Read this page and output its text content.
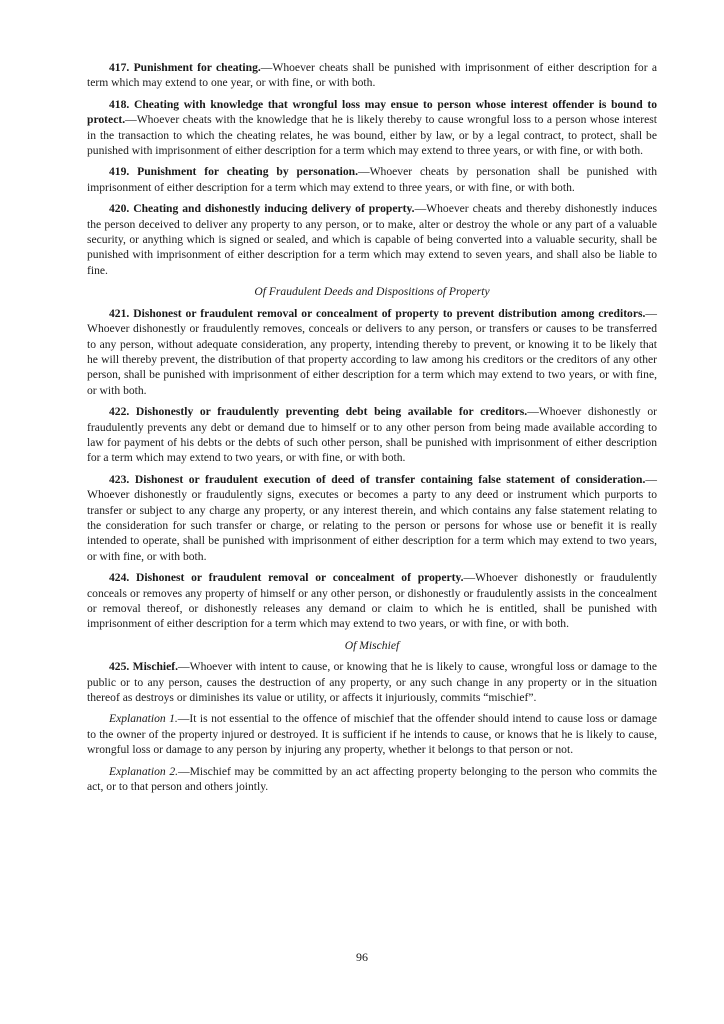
417. Punishment for cheating.—Whoever cheats shall be punished with imprisonment of either description for a term which may extend to one year, or with fine, or with both.

418. Cheating with knowledge that wrongful loss may ensue to person whose interest offender is bound to protect.—Whoever cheats with the knowledge that he is likely thereby to cause wrongful loss to a person whose interest in the transaction to which the cheating relates, he was bound, either by law, or by a legal contract, to protect, shall be punished with imprisonment of either description for a term which may extend to three years, or with fine, or with both.

419. Punishment for cheating by personation.—Whoever cheats by personation shall be punished with imprisonment of either description for a term which may extend to three years, or with fine, or with both.

420. Cheating and dishonestly inducing delivery of property.—Whoever cheats and thereby dishonestly induces the person deceived to deliver any property to any person, or to make, alter or destroy the whole or any part of a valuable security, or anything which is signed or sealed, and which is capable of being converted into a valuable security, shall be punished with imprisonment of either description for a term which may extend to seven years, and shall also be liable to fine.

Of Fraudulent Deeds and Dispositions of Property

421. Dishonest or fraudulent removal or concealment of property to prevent distribution among creditors.—Whoever dishonestly or fraudulently removes, conceals or delivers to any person, or transfers or causes to be transferred to any person, without adequate consideration, any property, intending thereby to prevent, or knowing it to be likely that he will thereby prevent, the distribution of that property according to law among his creditors or the creditors of any other person, shall be punished with imprisonment of either description for a term which may extend to two years, or with fine, or with both.

422. Dishonestly or fraudulently preventing debt being available for creditors.—Whoever dishonestly or fraudulently prevents any debt or demand due to himself or to any other person from being made available according to law for payment of his debts or the debts of such other person, shall be punished with imprisonment of either description for a term which may extend to two years, or with fine, or with both.

423. Dishonest or fraudulent execution of deed of transfer containing false statement of consideration.—Whoever dishonestly or fraudulently signs, executes or becomes a party to any deed or instrument which purports to transfer or subject to any charge any property, or any interest therein, and which contains any false statement relating to the consideration for such transfer or charge, or relating to the person or persons for whose use or benefit it is really intended to operate, shall be punished with imprisonment of either description for a term which may extend to two years, or with fine, or with both.

424. Dishonest or fraudulent removal or concealment of property.—Whoever dishonestly or fraudulently conceals or removes any property of himself or any other person, or dishonestly or fraudulently assists in the concealment or removal thereof, or dishonestly releases any demand or claim to which he is entitled, shall be punished with imprisonment of either description for a term which may extend to two years, or with fine, or with both.

Of Mischief

425. Mischief.—Whoever with intent to cause, or knowing that he is likely to cause, wrongful loss or damage to the public or to any person, causes the destruction of any property, or any such change in any property or in the situation thereof as destroys or diminishes its value or utility, or affects it injuriously, commits “mischief”.

Explanation 1.—It is not essential to the offence of mischief that the offender should intend to cause loss or damage to the owner of the property injured or destroyed. It is sufficient if he intends to cause, or knows that he is likely to cause, wrongful loss or damage to any person by injuring any property, whether it belongs to that person or not.

Explanation 2.—Mischief may be committed by an act affecting property belonging to the person who commits the act, or to that person and others jointly.

96
